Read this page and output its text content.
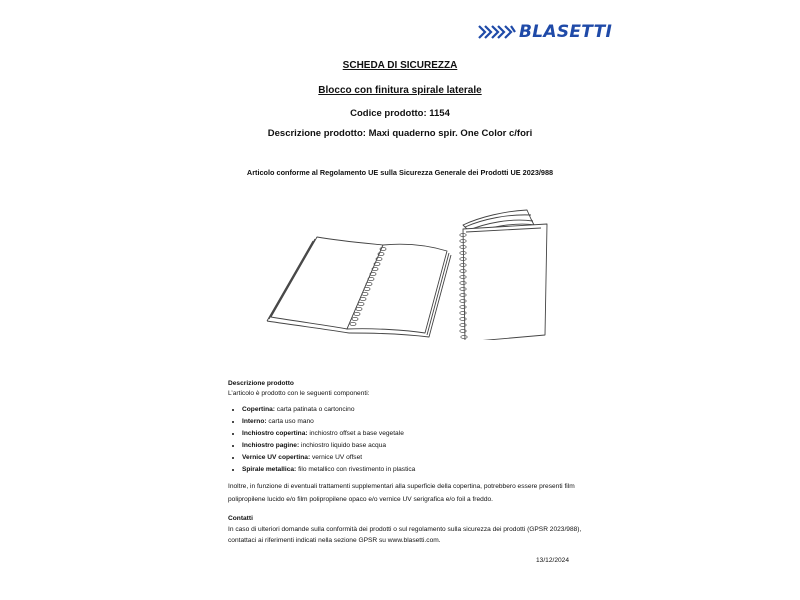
BLASETTI
SCHEDA DI SICUREZZA
Blocco con finitura spirale laterale
Codice prodotto: 1154
Descrizione prodotto: Maxi quaderno spir. One Color c/fori
Articolo conforme al Regolamento UE sulla Sicurezza Generale dei Prodotti UE 2023/988
Descrizione prodotto
L’articolo è prodotto con le seguenti componenti:
• Copertina: carta patinata o cartoncino
• Interno: carta uso mano
• Inchiostro copertina: inchiostro offset a base vegetale
• Inchiostro pagine: inchiostro liquido base acqua
• Vernice UV copertina: vernice UV offset
• Spirale metallica: filo metallico con rivestimento in plastica
Inoltre, in funzione di eventuali trattamenti supplementari alla superficie della copertina, potrebbero essere presenti film polipropilene lucido e/o film polipropilene opaco e/o vernice UV serigrafica e/o foil a freddo.
Contatti
In caso di ulteriori domande sulla conformità dei prodotti o sul regolamento sulla sicurezza dei prodotti (GPSR 2023/988), contattaci ai riferimenti indicati nella sezione GPSR su www.blasetti.com.
13/12/2024
